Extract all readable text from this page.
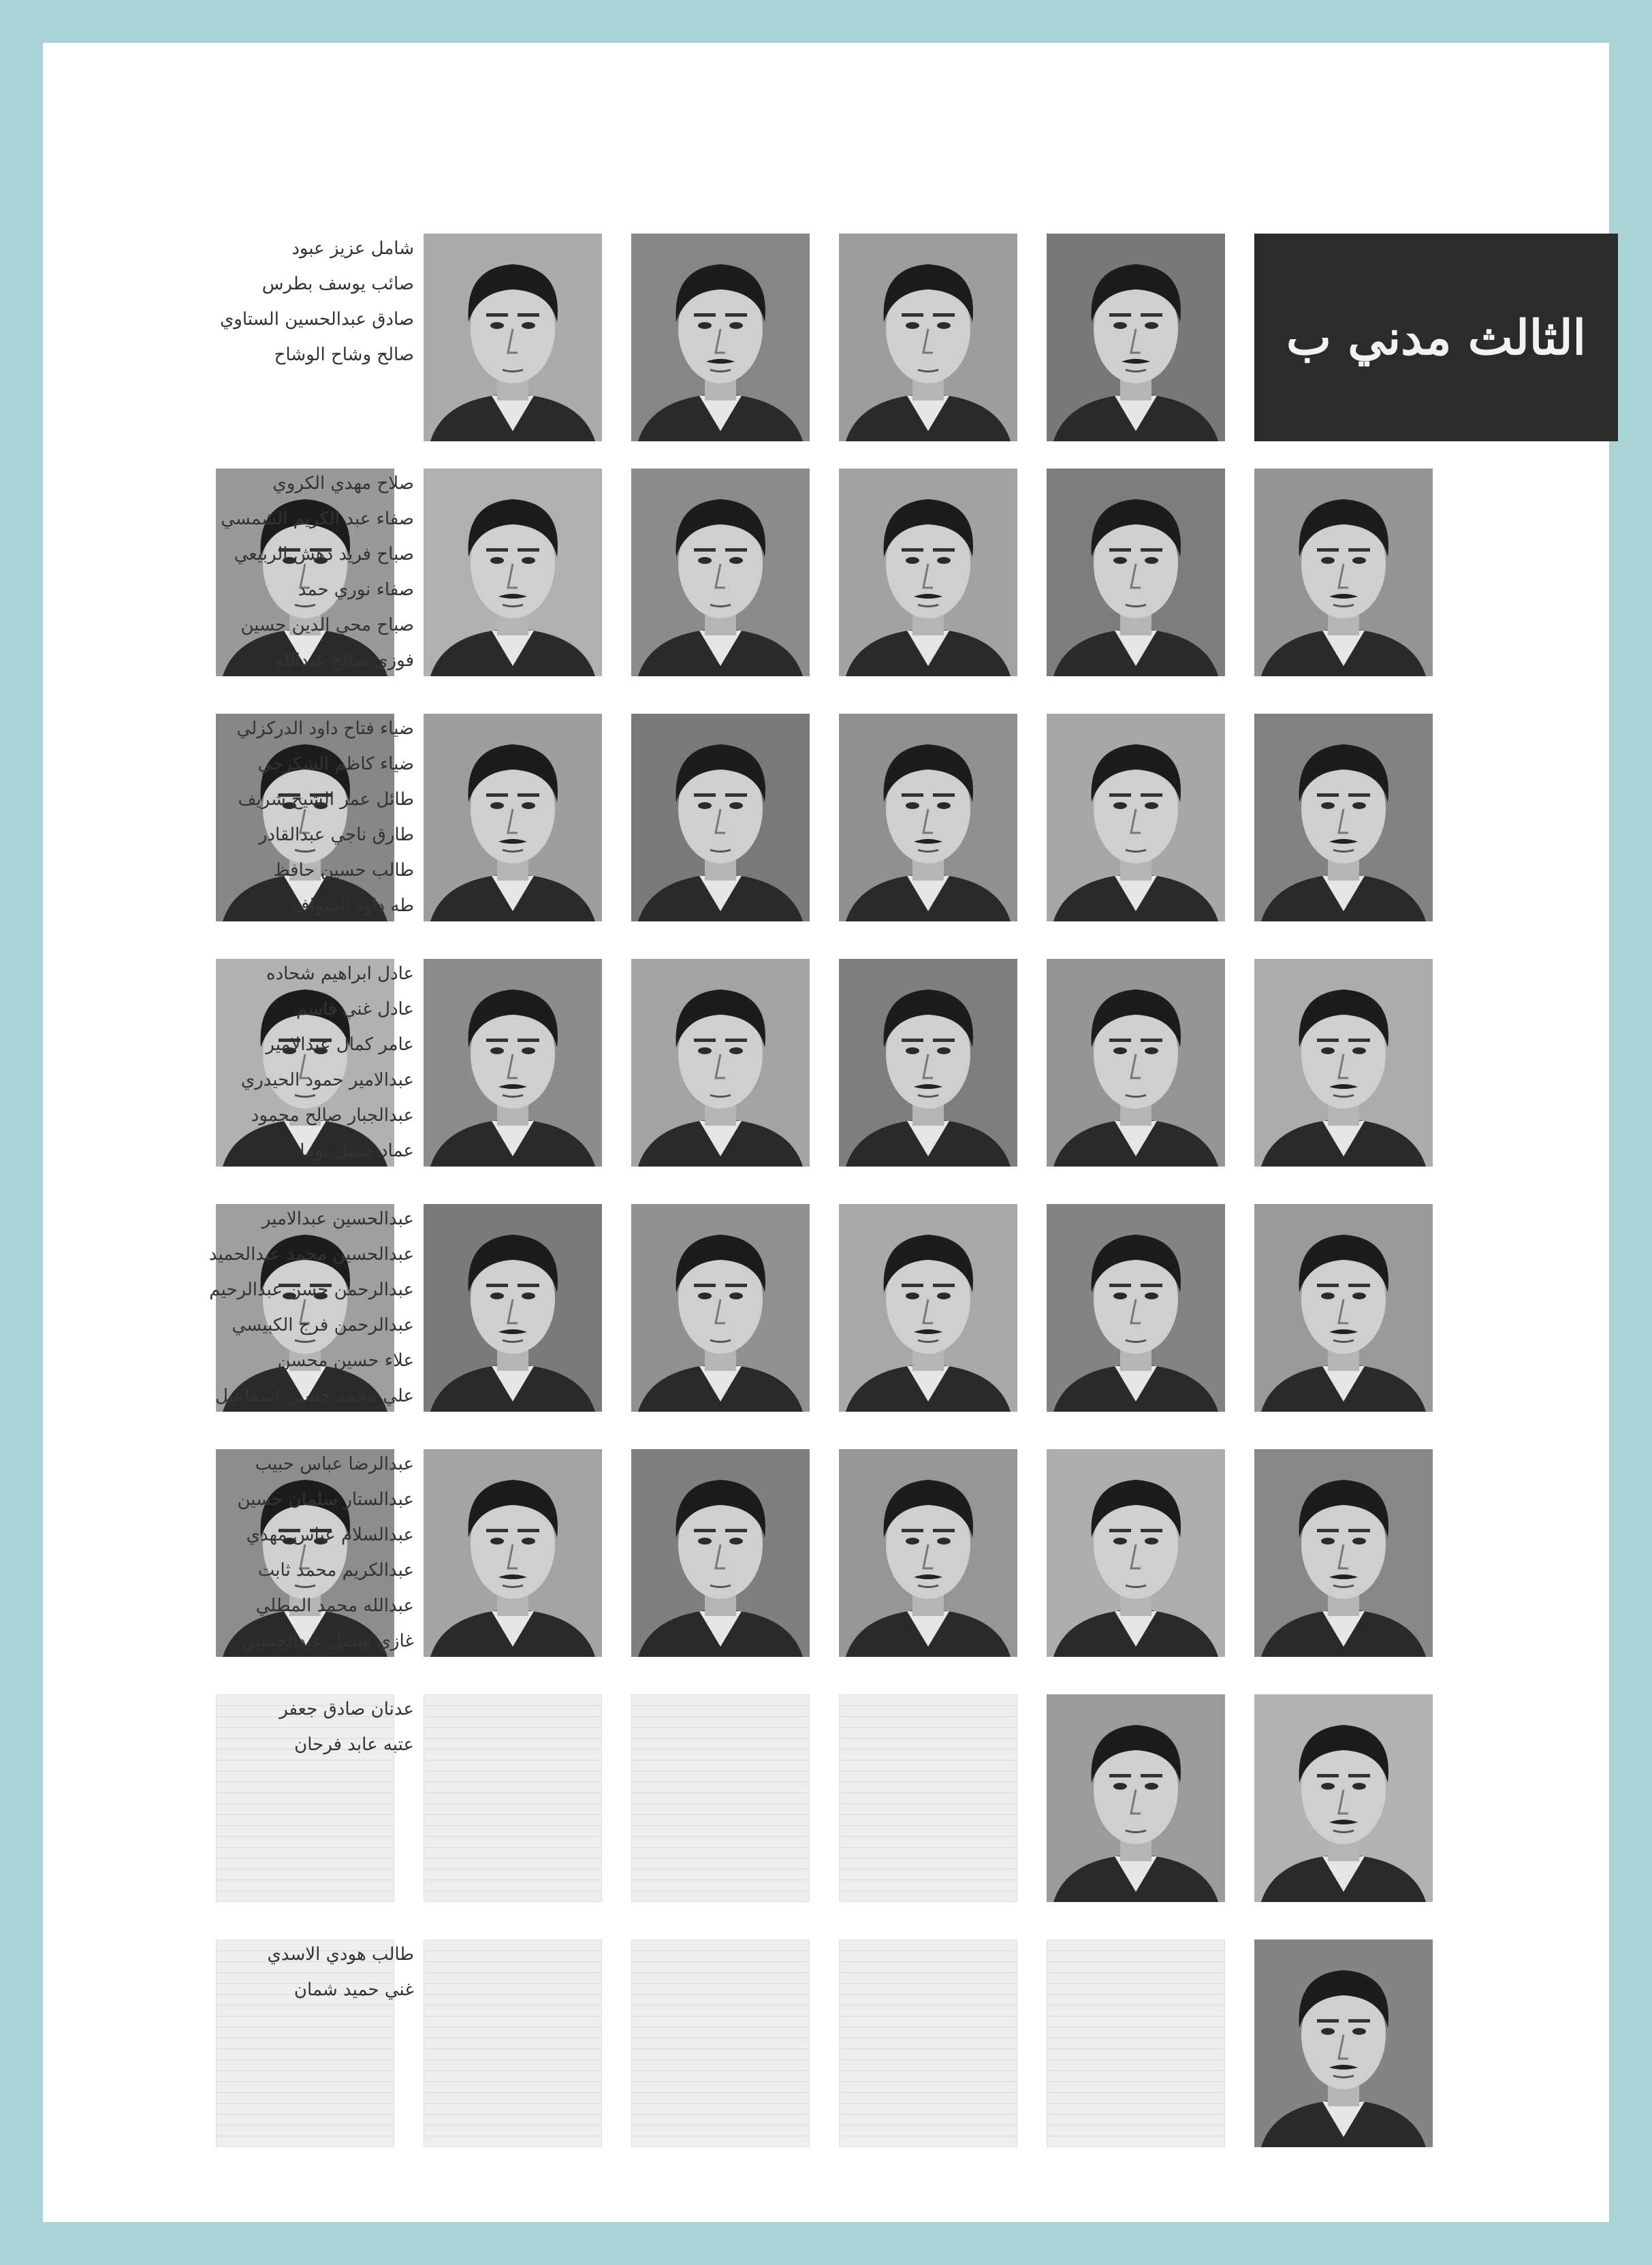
الثالث مدني ب
شامل عزيز عبود
صائب يوسف بطرس
صادق عبدالحسين الستاوي
صالح وشاح الوشاح
صلاح مهدي الكروي
صفاء عبد الكريم الشمسي
صباح فريد دهش الربيعي
صفاء نوري حمد
صباح محي الدين حسين
فوزي صالح عبدالله
ضياء فتاح داود الدركزلي
ضياء كاظم الشكرجي
طائل عمر الشيخ شريف
طارق ناجي عبدالقادر
طالب حسين حافظ
طه داود الشواف
عادل ابراهيم شحاده
عادل غني قاسم
عامر كمال عبدالامير
عبدالامير حمود الحيدري
عبدالجبار صالح محمود
عماد جميل توما
عبدالحسين عبدالامير
عبدالحسين محمد عبدالحميد
عبدالرحمن حسن عبدالرحيم
عبدالرحمن فرج الكبيسي
علاء حسين محسن
علي محمد حسين اسماعيل
عبدالرضا عباس حبيب
عبدالستار سلمان حسين
عبدالسلام عباس مهدي
عبدالكريم محمد ثابت
عبدالله محمد المطلي
غازي فيصل عبدالحسين
عدنان صادق جعفر
عتبه عابد فرحان
طالب هودي الاسدي
غني حميد شمان
